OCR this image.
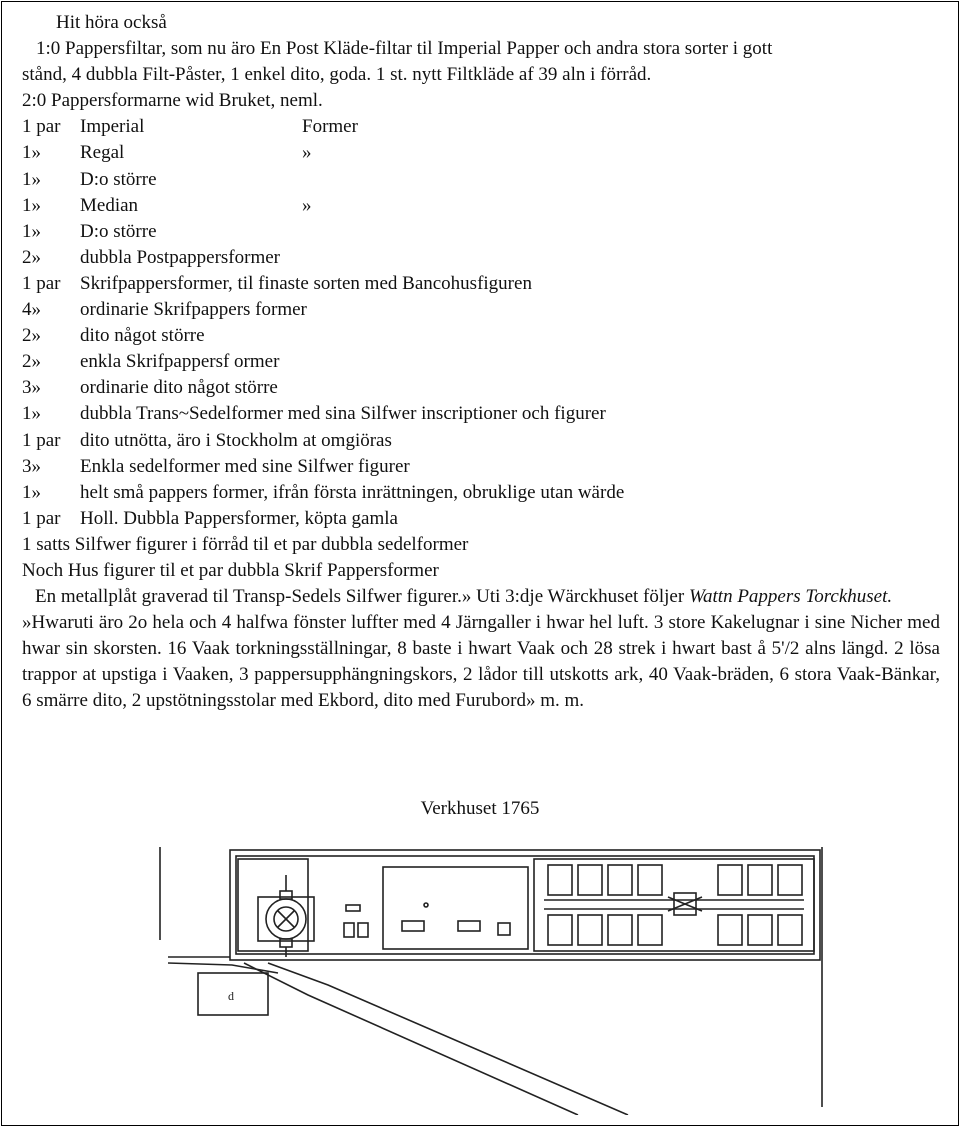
Hit höra också
1:0 Pappersfiltar, som nu äro En Post Kläde-filtar til Imperial Papper och andra stora sorter i gott
stånd, 4 dubbla Filt-Påster, 1 enkel dito, goda. 1 st. nytt Filtkläde af 39 aln i förråd.
2:0 Pappersformarne wid Bruket, neml.
1 par Imperial	Former
1» Regal	»
1» D:o större
1» Median	»
1» D:o större
2» dubbla Postpappersformer
1 par Skrifpappersformer, til finaste sorten med Bancohusfiguren
4» ordinarie Skrifpappers former
2» dito något större
2» enkla Skrifpappersf ormer
3» ordinarie dito något större
1» dubbla Trans~Sedelformer med sina Silfwer inscriptioner och figurer
1 par dito utnötta, äro i Stockholm at omgiöras
3» Enkla sedelformer med sine Silfwer figurer
1» helt små pappers former, ifrån första inrättningen, obruklige utan wärde
1 par Holl. Dubbla Pappersformer, köpta gamla
1 satts Silfwer figurer i förråd til et par dubbla sedelformer
Noch Hus figurer til et par dubbla Skrif Pappersformer
En metallplåt graverad til Transp-Sedels Silfwer figurer.» Uti 3:dje Wärckhuset följer Wattn Pappers Torckhuset.
»Hwaruti äro 2o hela och 4 halfwa fönster luffter med 4 Järngaller i hwar hel luft. 3 store Kakelugnar i sine Nicher med hwar sin skorsten. 16 Vaak torkningsställningar, 8 baste i hwart Vaak och 28 strek i hwart bast å 5'/2 alns längd. 2 lösa trappor at upstiga i Vaaken, 3 pappersupphängningskors, 2 lådor till utskotts ark, 40 Vaak-bräden, 6 stora Vaak-Bänkar, 6 smärre dito, 2 upstötningsstolar med Ekbord, dito med Furubord» m. m.
Verkhuset 1765
d
